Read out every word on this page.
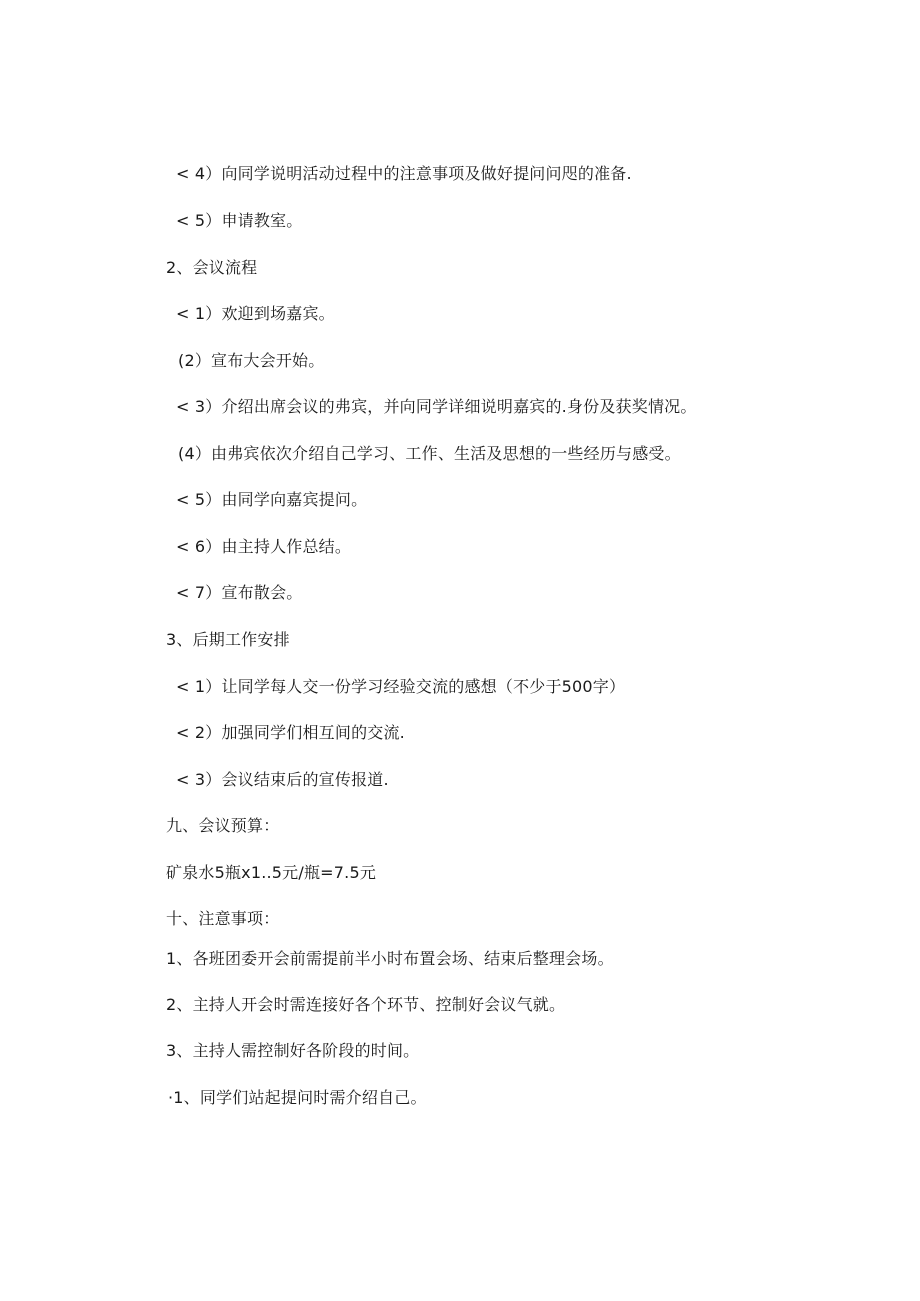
< 4）向同学说明活动过程中的注意事项及做好提问问咫的准备.
< 5）申请教室。
2、会议流程
< 1）欢迎到场嘉宾。
(2）宣布大会开始。
< 3）介绍出席会议的弗宾，并向同学详细说明嘉宾的.身份及获奖情况。
(4）由弗宾依次介绍自己学习、工作、生活及思想的一些经历与感受。
< 5）由同学向嘉宾提问。
< 6）由主持人作总结。
< 7）宣布散会。
3、后期工作安排
< 1）让同学每人交一份学习经验交流的感想（不少于500字）
< 2）加强同学们相互间的交流.
< 3）会议结束后的宣传报道.
九、会议预算：
矿泉水5瓶x1..5元/瓶=7.5元
十、注意事项：
1、各班团委开会前需提前半小时布置会场、结束后整理会场。
2、主持人开会时需连接好各个环节、控制好会议气就。
3、主持人需控制好各阶段的时间。
·1、同学们站起提问时需介绍自己。
